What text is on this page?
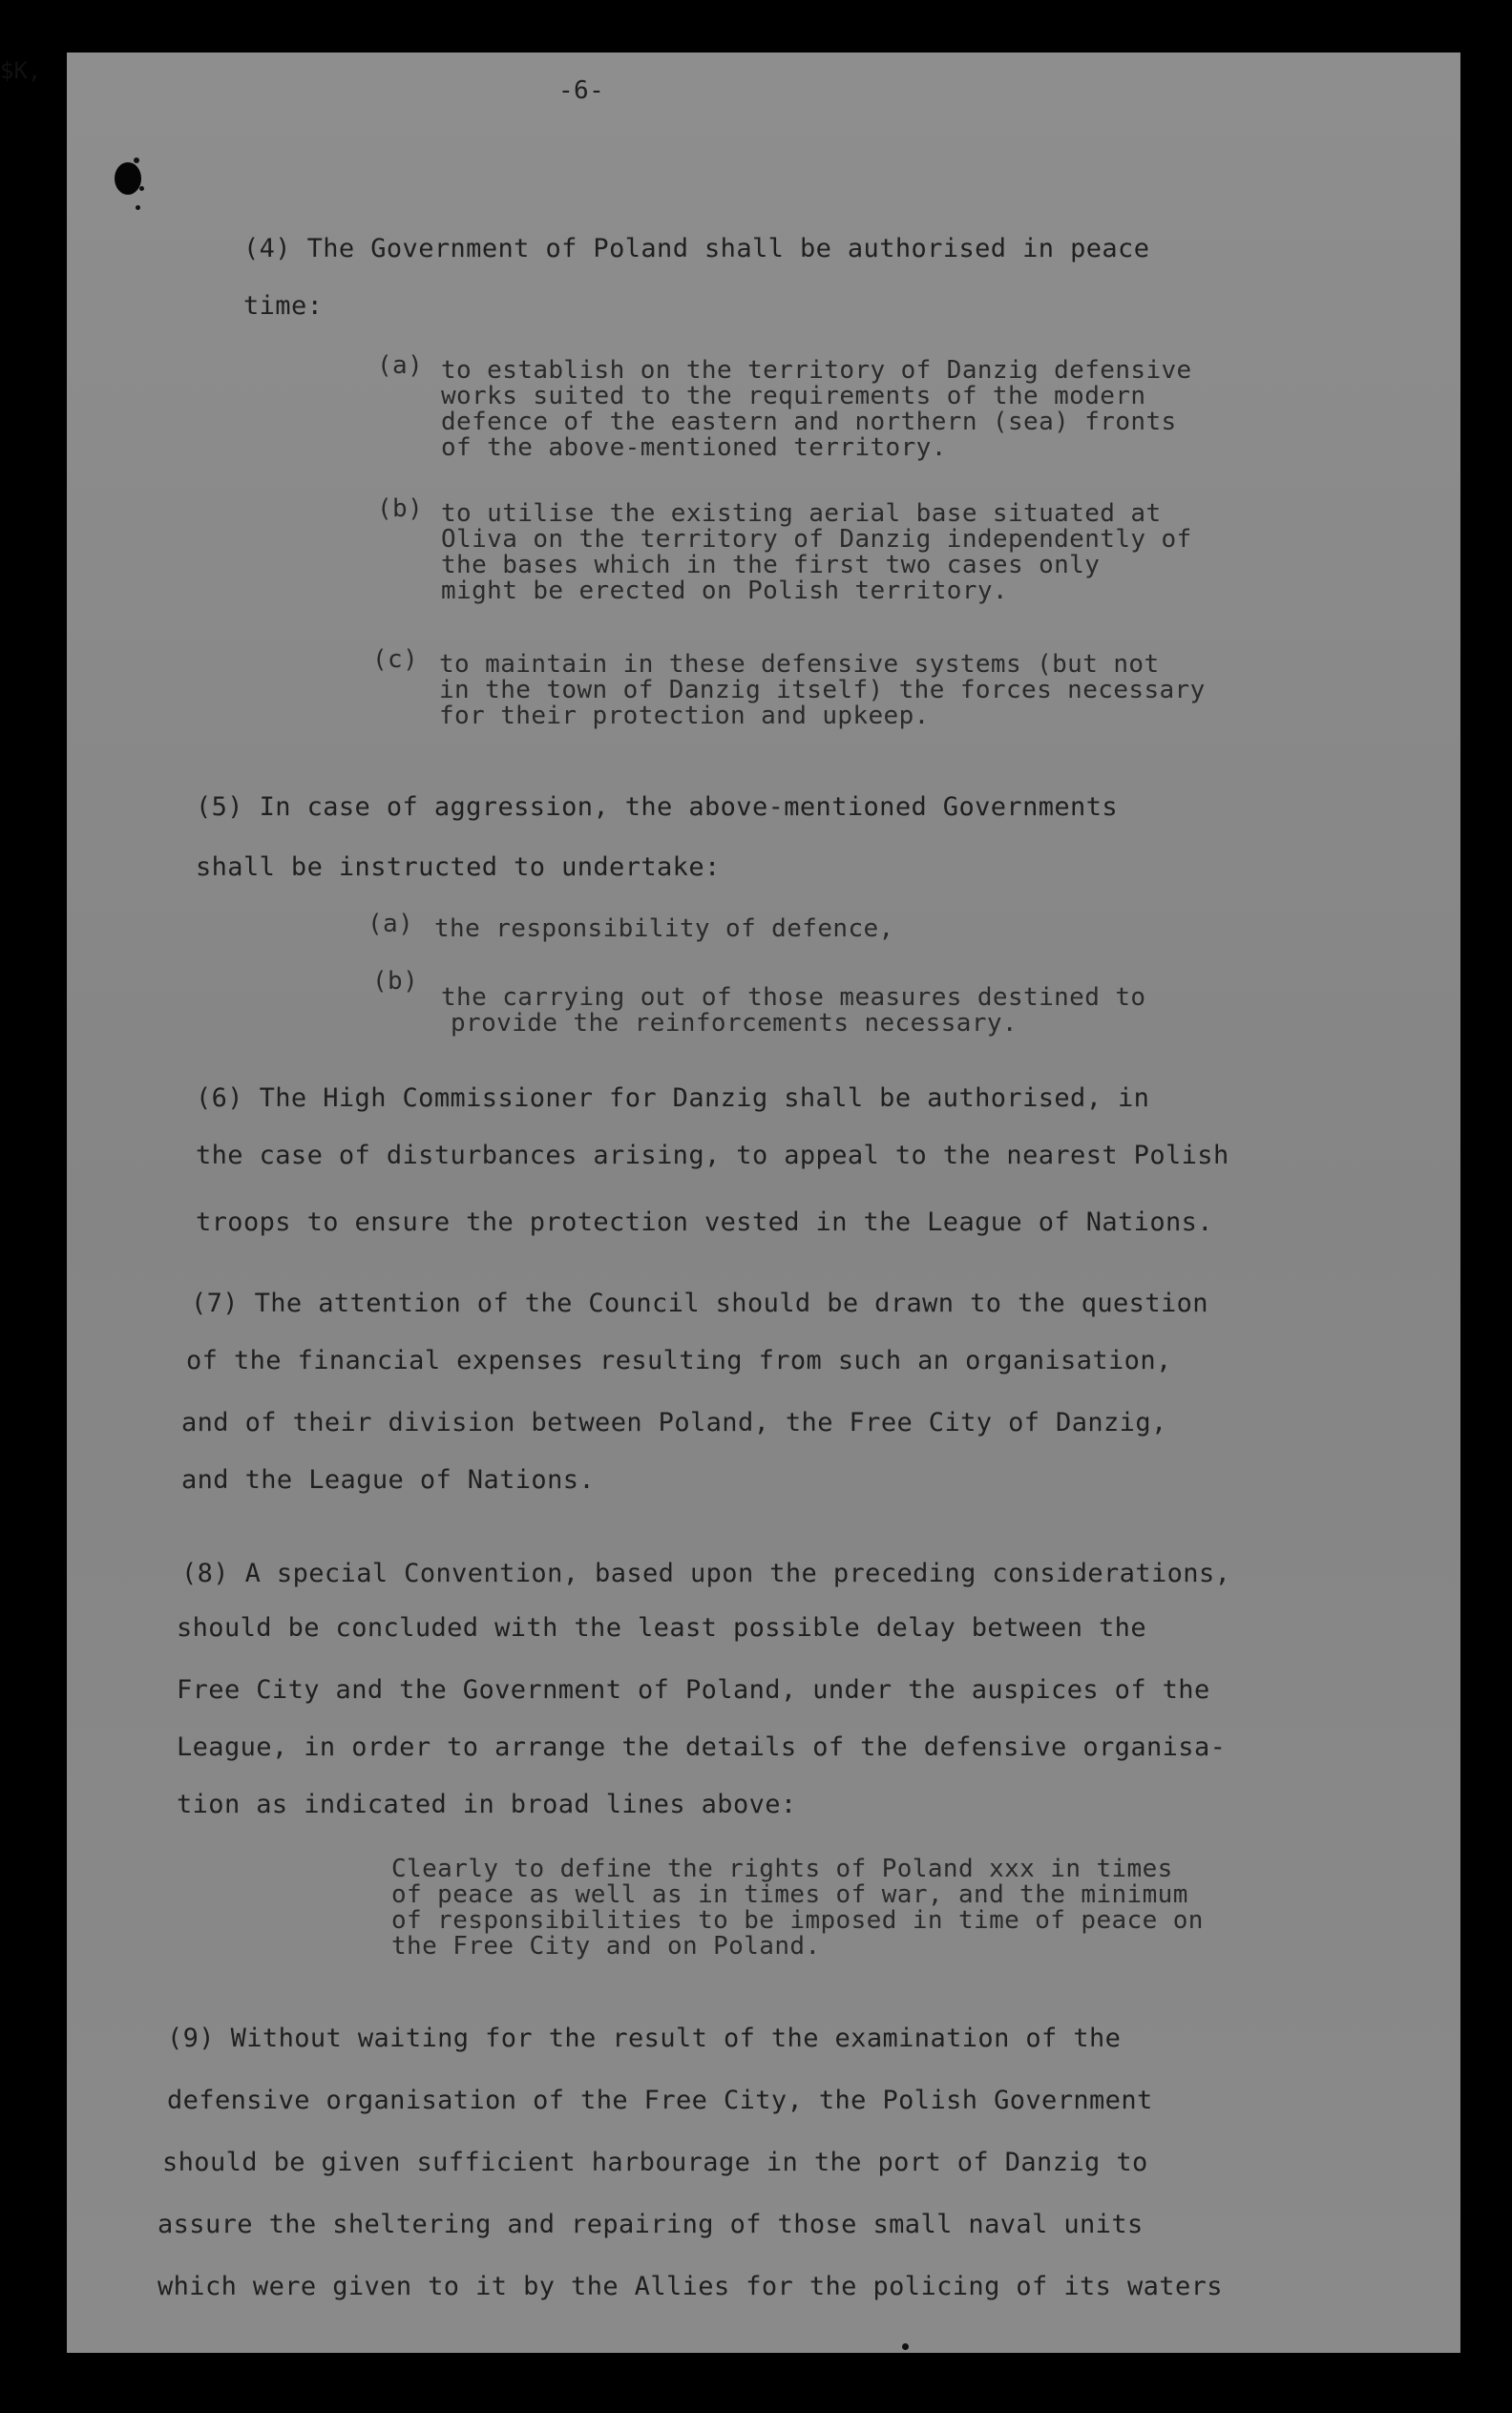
$K,
-6-
(4) The Government of Poland shall be authorised in peace
time:
(a) to establish on the territory of Danzig defensive
works suited to the requirements of the modern
defence of the eastern and northern (sea) fronts
of the above-mentioned territory.
(b) to utilise the existing aerial base situated at
Oliva on the territory of Danzig independently of
the bases which in the first two cases only
might be erected on Polish territory.
(c) to maintain in these defensive systems (but not
in the town of Danzig itself) the forces necessary
for their protection and upkeep.
(5) In case of aggression, the above-mentioned Governments
shall be instructed to undertake:
(a) the responsibility of defence,
(b)
the carrying out of those measures destined to
provide the reinforcements necessary.
(6) The High Commissioner for Danzig shall be authorised, in
the case of disturbances arising, to appeal to the nearest Polish
troops to ensure the protection vested in the League of Nations.
(7) The attention of the Council should be drawn to the question
of the financial expenses resulting from such an organisation,
and of their division between Poland, the Free City of Danzig,
and the League of Nations.
(8) A special Convention, based upon the preceding considerations,
should be concluded with the least possible delay between the
Free City and the Government of Poland, under the auspices of the
League, in order to arrange the details of the defensive organisa-
tion as indicated in broad lines above:
Clearly to define the rights of Poland xxx in times
of peace as well as in times of war, and the minimum
of responsibilities to be imposed in time of peace on
the Free City and on Poland.
(9) Without waiting for the result of the examination of the
defensive organisation of the Free City, the Polish Government
should be given sufficient harbourage in the port of Danzig to
assure the sheltering and repairing of those small naval units
which were given to it by the Allies for the policing of its waters
